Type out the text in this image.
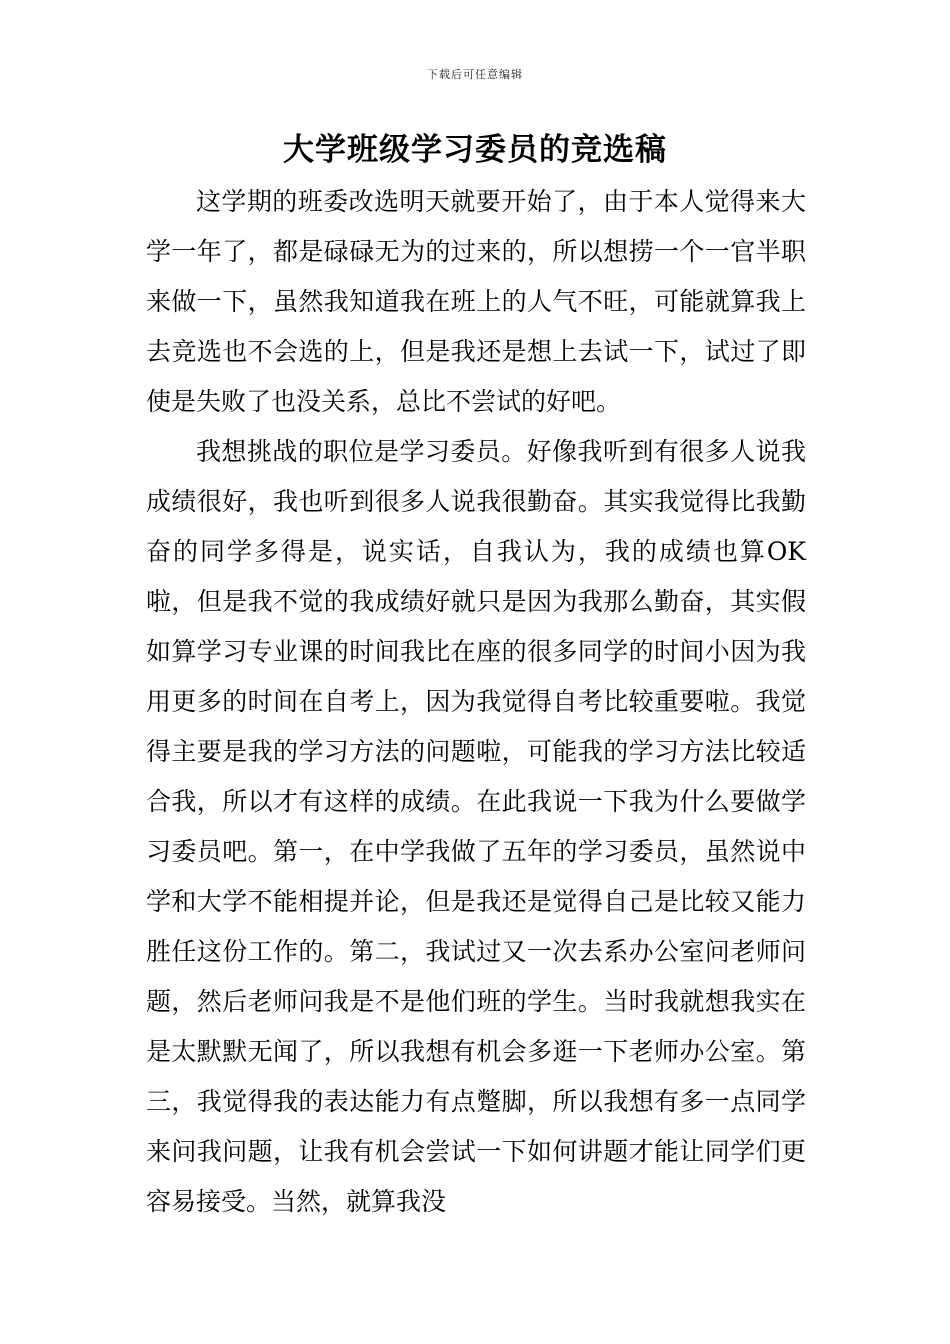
下载后可任意编辑
大学班级学习委员的竞选稿

这学期的班委改选明天就要开始了，由于本人觉得来大学一年了，都是碌碌无为的过来的，所以想捞一个一官半职来做一下，虽然我知道我在班上的人气不旺，可能就算我上去竞选也不会选的上，但是我还是想上去试一下，试过了即使是失败了也没关系，总比不尝试的好吧。

我想挑战的职位是学习委员。好像我听到有很多人说我成绩很好，我也听到很多人说我很勤奋。其实我觉得比我勤奋的同学多得是，说实话，自我认为，我的成绩也算OK啦，但是我不觉的我成绩好就只是因为我那么勤奋，其实假如算学习专业课的时间我比在座的很多同学的时间小因为我用更多的时间在自考上，因为我觉得自考比较重要啦。我觉得主要是我的学习方法的问题啦，可能我的学习方法比较适合我，所以才有这样的成绩。在此我说一下我为什么要做学习委员吧。第一，在中学我做了五年的学习委员，虽然说中学和大学不能相提并论，但是我还是觉得自己是比较又能力胜任这份工作的。第二，我试过又一次去系办公室问老师问题，然后老师问我是不是他们班的学生。当时我就想我实在是太默默无闻了，所以我想有机会多逛一下老师办公室。第三，我觉得我的表达能力有点蹩脚，所以我想有多一点同学来问我问题，让我有机会尝试一下如何讲题才能让同学们更容易接受。当然，就算我没
